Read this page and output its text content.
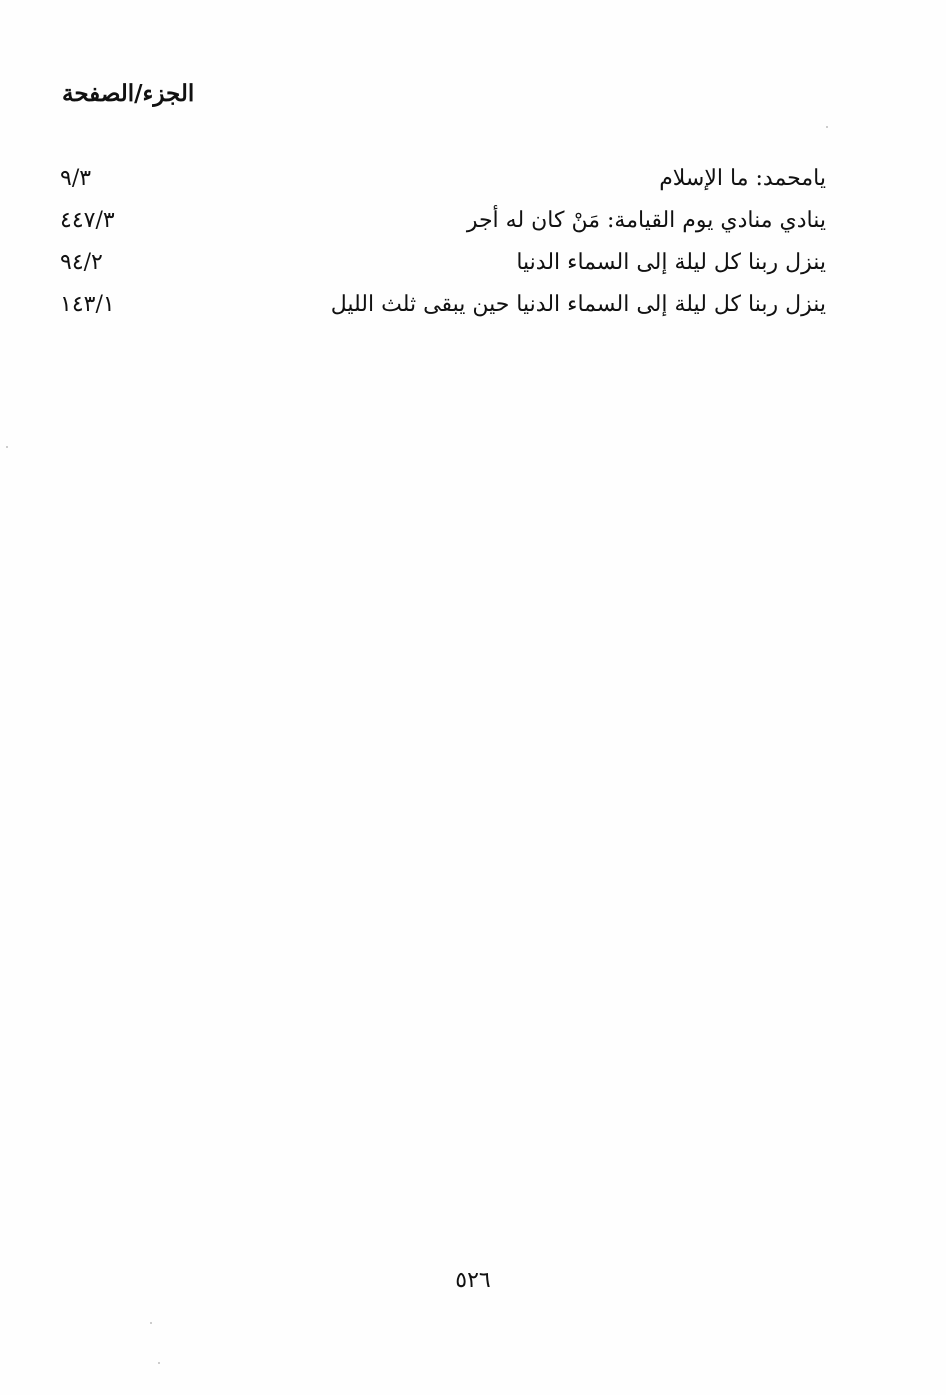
الجزء/الصفحة
يامحمد: ما الإسلام
٩/٣
ينادي منادي يوم القيامة: مَنْ كان له أجر
٤٤٧/٣
ينزل ربنا كل ليلة إلى السماء الدنيا
٩٤/٢
ينزل ربنا كل ليلة إلى السماء الدنيا حين يبقى ثلث الليل
١٤٣/١
٥٢٦
